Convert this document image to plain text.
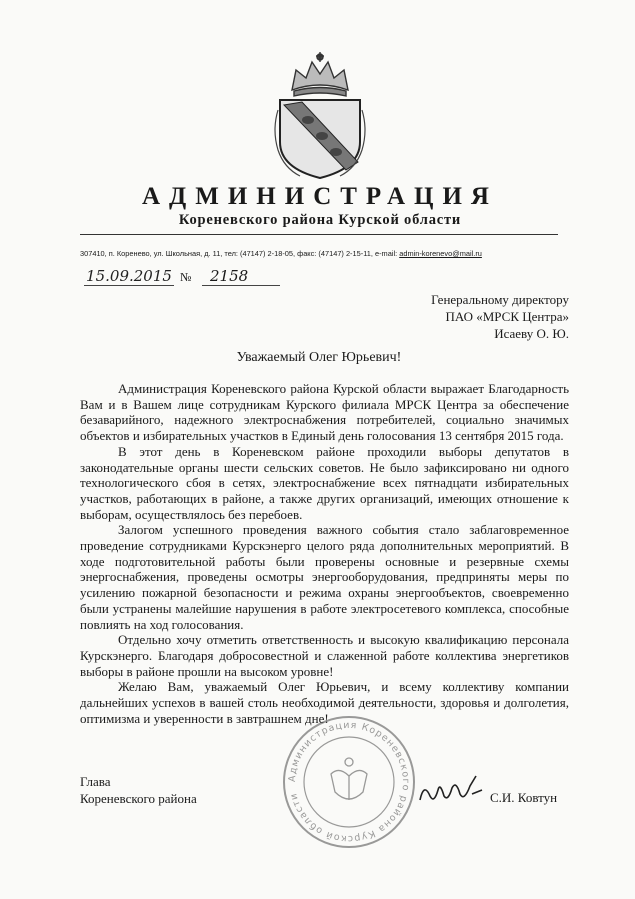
АДМИНИСТРАЦИЯ
Кореневского района Курской области
307410, п. Коренево, ул. Школьная, д. 11, тел: (47147) 2-18-05, факс: (47147) 2-15-11, e-mail: admin-korenevo@mail.ru
15.09.2015 №	2158
Генеральному директору
ПАО «МРСК Центра»
Исаеву О. Ю.
Уважаемый Олег Юрьевич!

Администрация Кореневского района Курской области выражает Благодарность Вам и в Вашем лице сотрудникам Курского филиала МРСК Центра за обеспечение безаварийного, надежного электроснабжения потребителей, социально значимых объектов и избирательных участков в Единый день голосования 13 сентября 2015 года.

В этот день в Кореневском районе проходили выборы депутатов в законодательные органы шести сельских советов. Не было зафиксировано ни одного технологического сбоя в сетях, электроснабжение всех пятнадцати избирательных участков, работающих в районе, а также других организаций, имеющих отношение к выборам, осуществлялось без перебоев.

Залогом успешного проведения важного события стало заблаговременное проведение сотрудниками Курскэнерго целого ряда дополнительных мероприятий. В ходе подготовительной работы были проверены основные и резервные схемы энергоснабжения, проведены осмотры энергооборудования, предприняты меры по усилению пожарной безопасности и режима охраны энергообъектов, своевременно были устранены малейшие нарушения в работе электросетевого комплекса, способные повлиять на ход голосования.

Отдельно хочу отметить ответственность и высокую квалификацию персонала Курскэнерго. Благодаря добросовестной и слаженной работе коллектива энергетиков выборы в районе прошли на высоком уровне!

Желаю Вам, уважаемый Олег Юрьевич, и всему коллективу компании дальнейших успехов в вашей столь необходимой деятельности, здоровья и долголетия, оптимизма и уверенности в завтрашнем дне!

Глава
Кореневского района
Администрация Кореневского района Курской области	С.И. Ковтун
